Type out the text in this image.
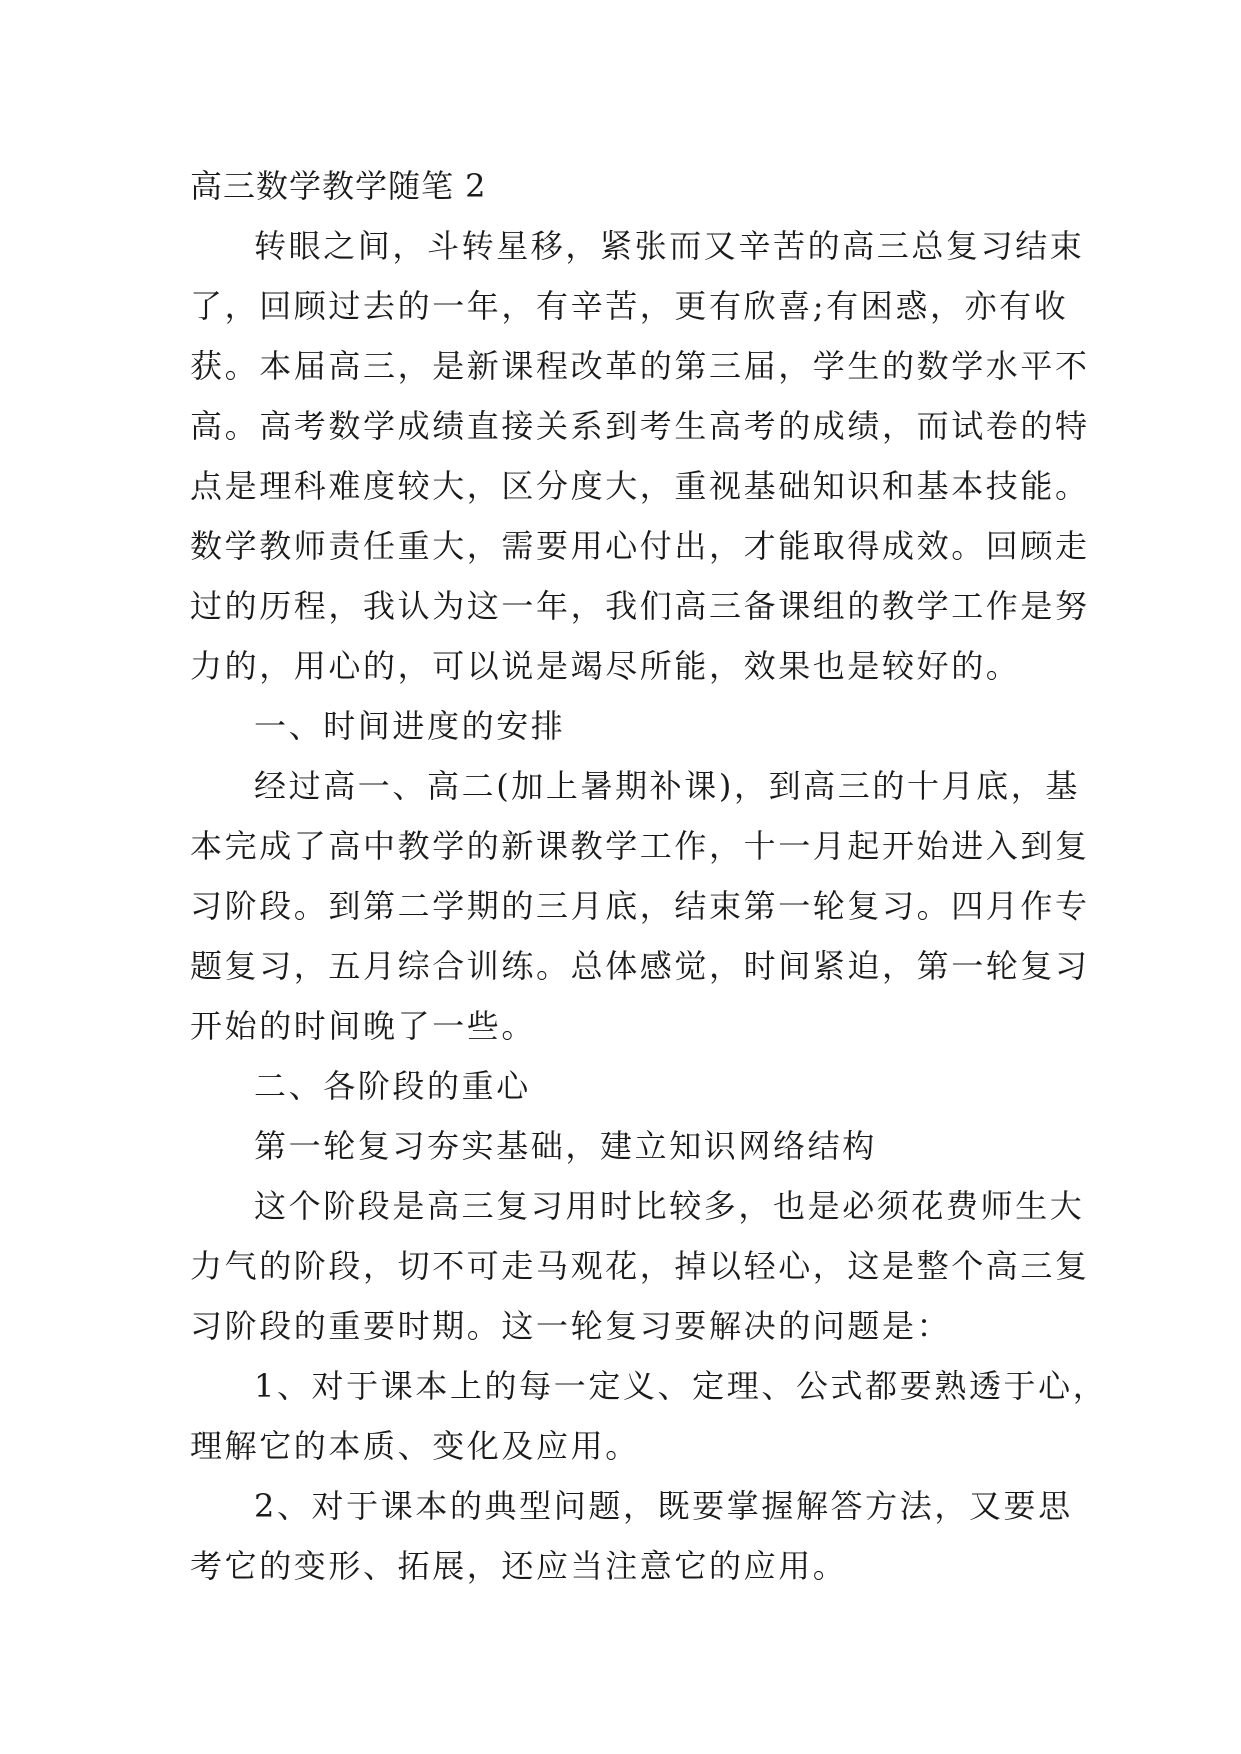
高三数学教学随笔 2
转眼之间，斗转星移，紧张而又辛苦的高三总复习结束
了，回顾过去的一年，有辛苦，更有欣喜;有困惑，亦有收
获。本届高三，是新课程改革的第三届，学生的数学水平不
高。高考数学成绩直接关系到考生高考的成绩，而试卷的特
点是理科难度较大，区分度大，重视基础知识和基本技能。
数学教师责任重大，需要用心付出，才能取得成效。回顾走
过的历程，我认为这一年，我们高三备课组的教学工作是努
力的，用心的，可以说是竭尽所能，效果也是较好的。
一、时间进度的安排
经过高一、高二(加上暑期补课)，到高三的十月底，基
本完成了高中教学的新课教学工作，十一月起开始进入到复
习阶段。到第二学期的三月底，结束第一轮复习。四月作专
题复习，五月综合训练。总体感觉，时间紧迫，第一轮复习
开始的时间晚了一些。
二、各阶段的重心
第一轮复习夯实基础，建立知识网络结构
这个阶段是高三复习用时比较多，也是必须花费师生大
力气的阶段，切不可走马观花，掉以轻心，这是整个高三复
习阶段的重要时期。这一轮复习要解决的问题是：
1、对于课本上的每一定义、定理、公式都要熟透于心，
理解它的本质、变化及应用。
2、对于课本的典型问题，既要掌握解答方法，又要思
考它的变形、拓展，还应当注意它的应用。
